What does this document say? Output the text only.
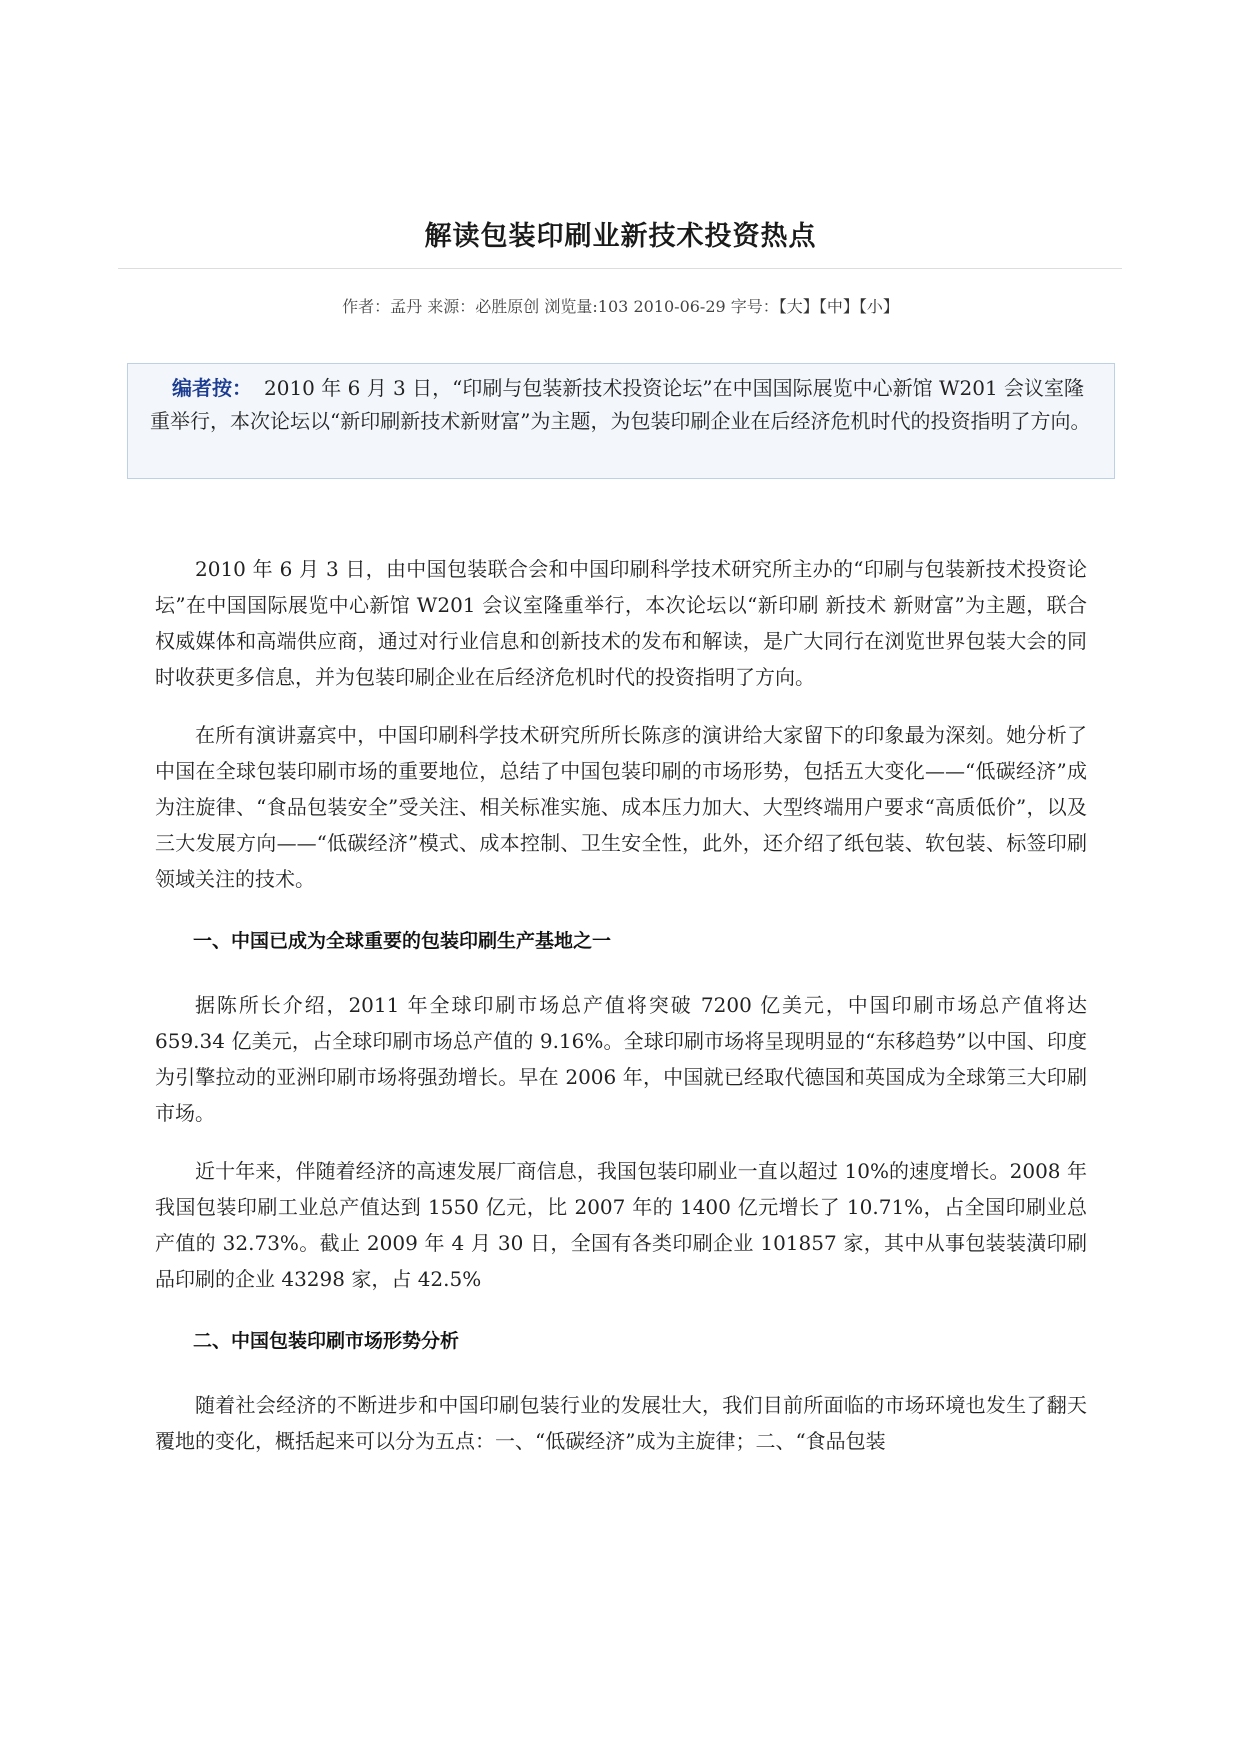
解读包装印刷业新技术投资热点
作者：孟丹 来源：必胜原创 浏览量:103 2010-06-29 字号：【大】【中】【小】
编者按： 2010 年 6 月 3 日，“印刷与包装新技术投资论坛”在中国国际展览中心新馆 W201 会议室隆重举行，本次论坛以“新印刷新技术新财富”为主题，为包装印刷企业在后经济危机时代的投资指明了方向。

2010 年 6 月 3 日，由中国包装联合会和中国印刷科学技术研究所主办的“印刷与包装新技术投资论坛”在中国国际展览中心新馆 W201 会议室隆重举行，本次论坛以“新印刷 新技术 新财富”为主题，联合权威媒体和高端供应商，通过对行业信息和创新技术的发布和解读，是广大同行在浏览世界包装大会的同时收获更多信息，并为包装印刷企业在后经济危机时代的投资指明了方向。

在所有演讲嘉宾中，中国印刷科学技术研究所所长陈彦的演讲给大家留下的印象最为深刻。她分析了中国在全球包装印刷市场的重要地位，总结了中国包装印刷的市场形势，包括五大变化——“低碳经济”成为注旋律、“食品包装安全”受关注、相关标准实施、成本压力加大、大型终端用户要求“高质低价”，以及三大发展方向——“低碳经济”模式、成本控制、卫生安全性，此外，还介绍了纸包装、软包装、标签印刷领域关注的技术。

一、中国已成为全球重要的包装印刷生产基地之一

据陈所长介绍，2011 年全球印刷市场总产值将突破 7200 亿美元，中国印刷市场总产值将达 659.34 亿美元，占全球印刷市场总产值的 9.16%。全球印刷市场将呈现明显的“东移趋势”以中国、印度为引擎拉动的亚洲印刷市场将强劲增长。早在 2006 年，中国就已经取代德国和英国成为全球第三大印刷市场。

近十年来，伴随着经济的高速发展厂商信息，我国包装印刷业一直以超过 10%的速度增长。2008 年我国包装印刷工业总产值达到 1550 亿元，比 2007 年的 1400 亿元增长了 10.71%，占全国印刷业总产值的 32.73%。截止 2009 年 4 月 30 日，全国有各类印刷企业 101857 家，其中从事包装装潢印刷品印刷的企业 43298 家，占 42.5%

二、中国包装印刷市场形势分析

随着社会经济的不断进步和中国印刷包装行业的发展壮大，我们目前所面临的市场环境也发生了翻天覆地的变化，概括起来可以分为五点：一、“低碳经济”成为主旋律；二、“食品包装
